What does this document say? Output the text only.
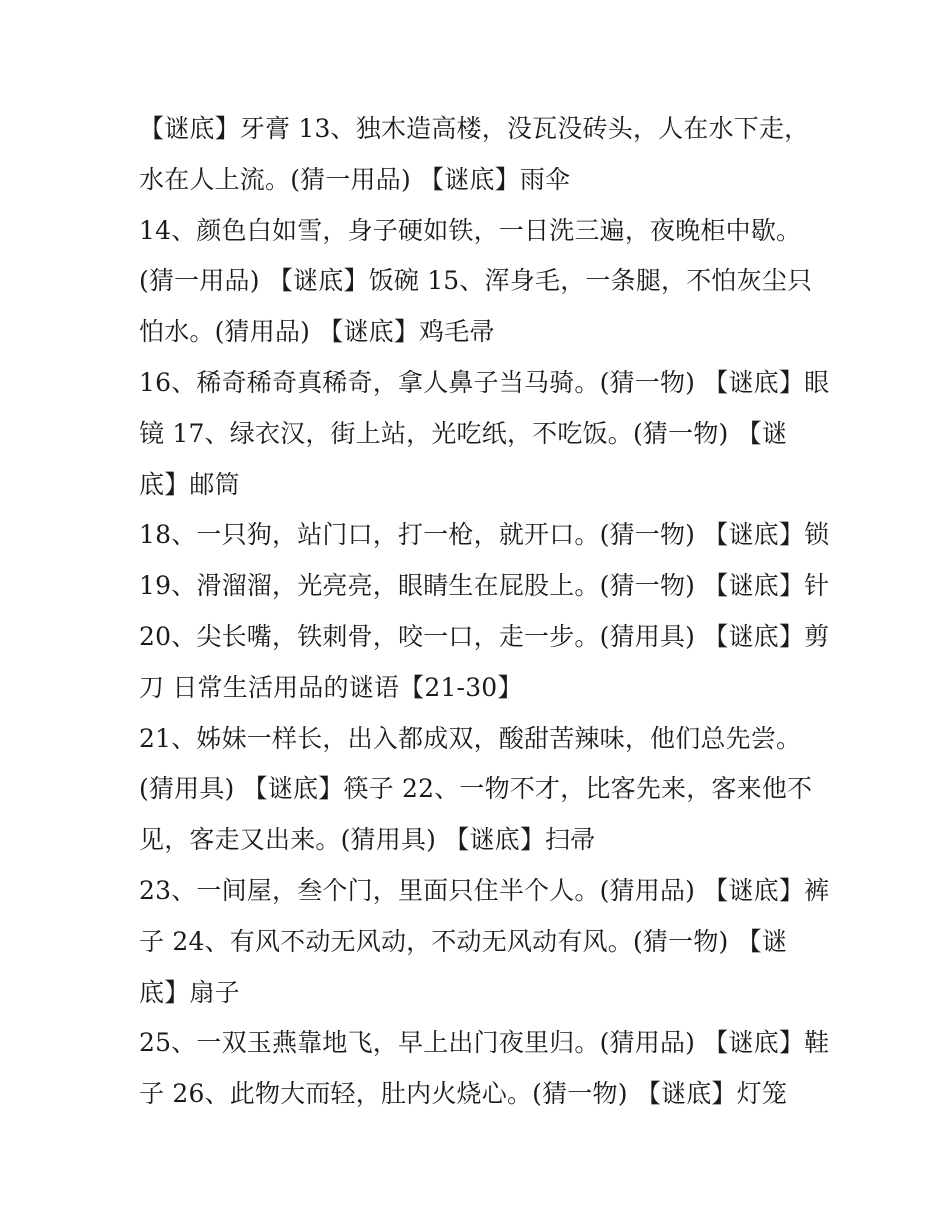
【谜底】牙膏 13、独木造高楼，没瓦没砖头，人在水下走，
水在人上流。(猜一用品) 【谜底】雨伞
14、颜色白如雪，身子硬如铁，一日洗三遍，夜晚柜中歇。
(猜一用品) 【谜底】饭碗 15、浑身毛，一条腿，不怕灰尘只
怕水。(猜用品) 【谜底】鸡毛帚
16、稀奇稀奇真稀奇，拿人鼻子当马骑。(猜一物) 【谜底】眼
镜 17、绿衣汉，街上站，光吃纸，不吃饭。(猜一物) 【谜
底】邮筒
18、一只狗，站门口，打一枪，就开口。(猜一物) 【谜底】锁
19、滑溜溜，光亮亮，眼睛生在屁股上。(猜一物) 【谜底】针
20、尖长嘴，铁刺骨，咬一口，走一步。(猜用具) 【谜底】剪
刀 日常生活用品的谜语【21-30】
21、姊妹一样长，出入都成双，酸甜苦辣味，他们总先尝。
(猜用具) 【谜底】筷子 22、一物不才，比客先来，客来他不
见，客走又出来。(猜用具) 【谜底】扫帚
23、一间屋，叁个门，里面只住半个人。(猜用品) 【谜底】裤
子 24、有风不动无风动，不动无风动有风。(猜一物) 【谜
底】扇子
25、一双玉燕靠地飞，早上出门夜里归。(猜用品) 【谜底】鞋
子 26、此物大而轻，肚内火烧心。(猜一物) 【谜底】灯笼
